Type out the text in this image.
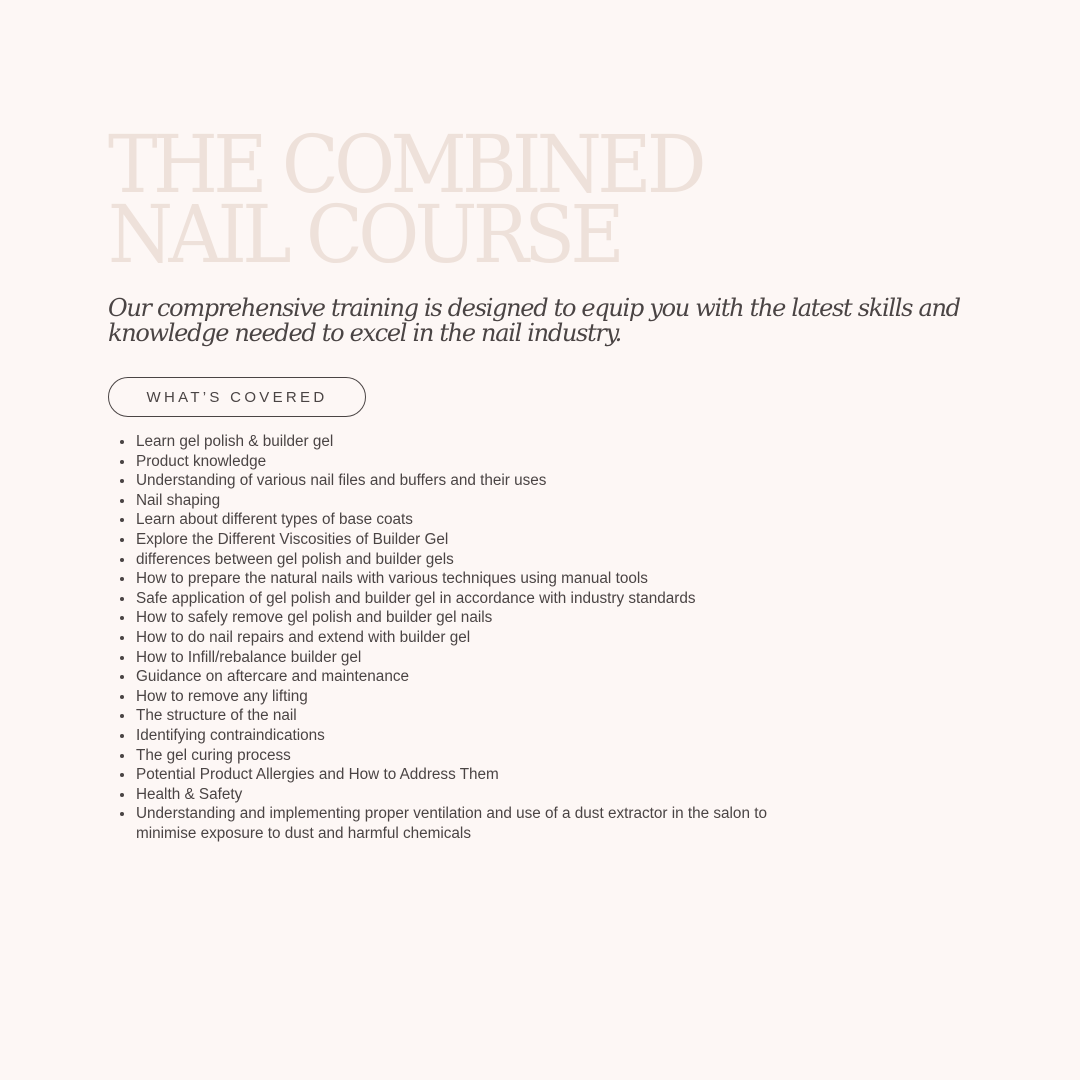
THE COMBINED
NAIL COURSE

Our comprehensive training is designed to equip you with the latest skills and knowledge needed to excel in the nail industry.

WHAT’S COVERED
Learn gel polish & builder gel
Product knowledge
Understanding of various nail files and buffers and their uses
Nail shaping
Learn about different types of base coats
Explore the Different Viscosities of Builder Gel
differences between gel polish and builder gels
How to prepare the natural nails with various techniques using manual tools
Safe application of gel polish and builder gel in accordance with industry standards
How to safely remove gel polish and builder gel nails
How to do nail repairs and extend with builder gel
How to Infill/rebalance builder gel
Guidance on aftercare and maintenance
How to remove any lifting
The structure of the nail
Identifying contraindications
The gel curing process
Potential Product Allergies and How to Address Them
Health & Safety
Understanding and implementing proper ventilation and use of a dust extractor in the salon to minimise exposure to dust and harmful chemicals
